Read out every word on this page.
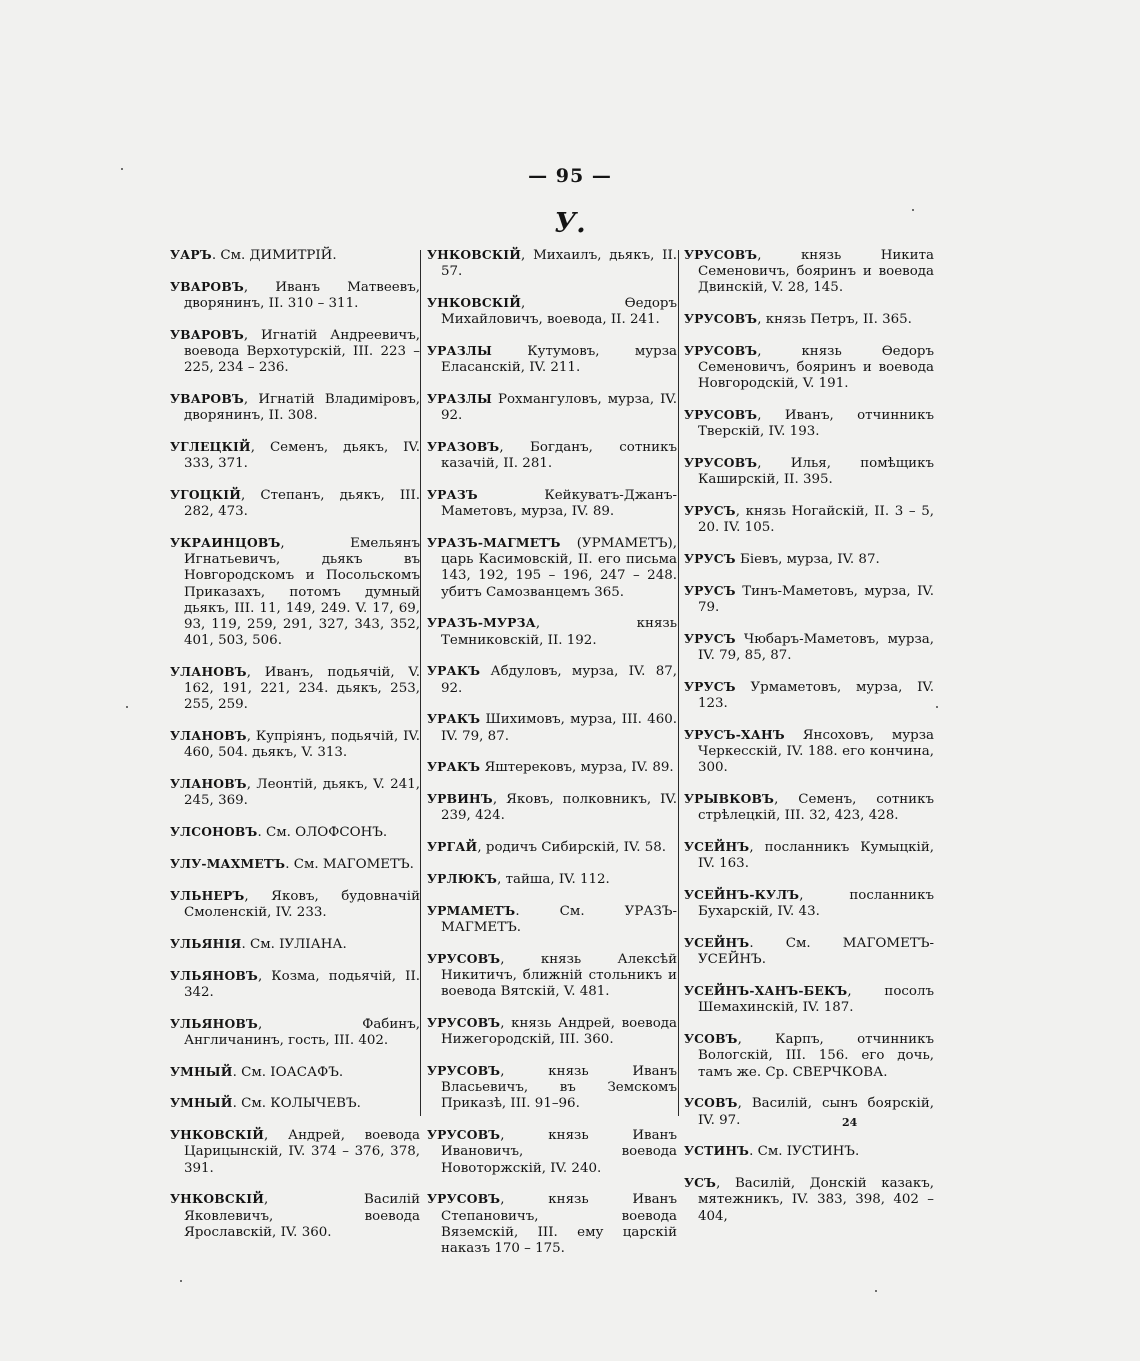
— 95 —
У.

УАРЪ. См. ДИМИТРІЙ.

УВАРОВЪ, Иванъ Матвеевъ, дворянинъ, II. 310 – 311.

УВАРОВЪ, Игнатій Андреевичъ, воевода Верхотурскій, III. 223 – 225, 234 – 236.

УВАРОВЪ, Игнатій Владиміровъ, дворянинъ, II. 308.

УГЛЕЦКІЙ, Семенъ, дьякъ, IV. 333, 371.

УГОЦКІЙ, Степанъ, дьякъ, III. 282, 473.

УКРАИНЦОВЪ, Емельянъ Игнатьевичъ, дьякъ въ Новгородскомъ и Посольскомъ Приказахъ, потомъ думный дьякъ, III. 11, 149, 249. V. 17, 69, 93, 119, 259, 291, 327, 343, 352, 401, 503, 506.

УЛАНОВЪ, Иванъ, подьячій, V. 162, 191, 221, 234. дьякъ, 253, 255, 259.

УЛАНОВЪ, Купріянъ, подьячій, IV. 460, 504. дьякъ, V. 313.

УЛАНОВЪ, Леонтій, дьякъ, V. 241, 245, 369.

УЛСОНОВЪ. См. ОЛОФСОНЪ.

УЛУ-МАХМЕТЪ. См. МАГОМЕТЪ.

УЛЬНЕРЪ, Яковъ, будовначій Смоленскій, IV. 233.

УЛЬЯНІЯ. См. ІУЛІАНА.

УЛЬЯНОВЪ, Козма, подьячій, II. 342.

УЛЬЯНОВЪ, Фабинъ, Англичанинъ, гость, III. 402.

УМНЫЙ. См. ІОАСАФЪ.

УМНЫЙ. См. КОЛЫЧЕВЪ.

УНКОВСКІЙ, Андрей, воевода Царицынскій, IV. 374 – 376, 378, 391.

УНКОВСКІЙ, Василій Яковлевичъ, воевода Ярославскій, IV. 360.

УНКОВСКІЙ, Михаилъ, дьякъ, II. 57.

УНКОВСКІЙ, Ѳедоръ Михайловичъ, воевода, II. 241.

УРАЗЛЫ Кутумовъ, мурза Еласанскій, IV. 211.

УРАЗЛЫ Рохмангуловъ, мурза, IV. 92.

УРАЗОВЪ, Богданъ, сотникъ казачій, II. 281.

УРАЗЪ Кейкуватъ-Джанъ-Маметовъ, мурза, IV. 89.

УРАЗЪ-МАГМЕТЪ (УРМАМЕТЪ), царь Касимовскій, II. его письма 143, 192, 195 – 196, 247 – 248. убитъ Самозванцемъ 365.

УРАЗЪ-МУРЗА, князь Темниковскій, II. 192.

УРАКЪ Абдуловъ, мурза, IV. 87, 92.

УРАКЪ Шихимовъ, мурза, III. 460. IV. 79, 87.

УРАКЪ Яштерековъ, мурза, IV. 89.

УРВИНЪ, Яковъ, полковникъ, IV. 239, 424.

УРГАЙ, родичъ Сибирскій, IV. 58.

УРЛЮКЪ, тайша, IV. 112.

УРМАМЕТЪ. См. УРАЗЪ-МАГМЕТЪ.

УРУСОВЪ, князь Алексѣй Никитичъ, ближній стольникъ и воевода Вятскій, V. 481.

УРУСОВЪ, князь Андрей, воевода Нижегородскій, III. 360.

УРУСОВЪ, князь Иванъ Власьевичъ, въ Земскомъ Приказѣ, III. 91–96.

УРУСОВЪ, князь Иванъ Ивановичъ, воевода Новоторжскій, IV. 240.

УРУСОВЪ, князь Иванъ Степановичъ, воевода Вяземскій, III. ему царскій наказъ 170 – 175.

УРУСОВЪ, князь Никита Семеновичъ, бояринъ и воевода Двинскій, V. 28, 145.

УРУСОВЪ, князь Петръ, II. 365.

УРУСОВЪ, князь Ѳедоръ Семеновичъ, бояринъ и воевода Новгородскій, V. 191.

УРУСОВЪ, Иванъ, отчинникъ Тверскій, IV. 193.

УРУСОВЪ, Илья, помѣщикъ Каширскій, II. 395.

УРУСЪ, князь Ногайскій, II. 3 – 5, 20. IV. 105.

УРУСЪ Біевъ, мурза, IV. 87.

УРУСЪ Тинъ-Маметовъ, мурза, IV. 79.

УРУСЪ Чюбаръ-Маметовъ, мурза, IV. 79, 85, 87.

УРУСЪ Урмаметовъ, мурза, IV. 123.

УРУСЪ-ХАНЪ Янсоховъ, мурза Черкесскій, IV. 188. его кончина, 300.

УРЫВКОВЪ, Семенъ, сотникъ стрѣлецкій, III. 32, 423, 428.

УСЕЙНЪ, посланникъ Кумыцкій, IV. 163.

УСЕЙНЪ-КУЛЪ, посланникъ Бухарскій, IV. 43.

УСЕЙНЪ. См. МАГОМЕТЪ-УСЕЙНЪ.

УСЕЙНЪ-ХАНЪ-БЕКЪ, посолъ Шемахинскій, IV. 187.

УСОВЪ, Карпъ, отчинникъ Вологскій, III. 156. его дочь, тамъ же. Ср. СВЕРЧКОВА.

УСОВЪ, Василій, сынъ боярскій, IV. 97.

УСТИНЪ. См. ІУСТИНЪ.

УСЪ, Василій, Донскій казакъ, мятежникъ, IV. 383, 398, 402 – 404,

24
